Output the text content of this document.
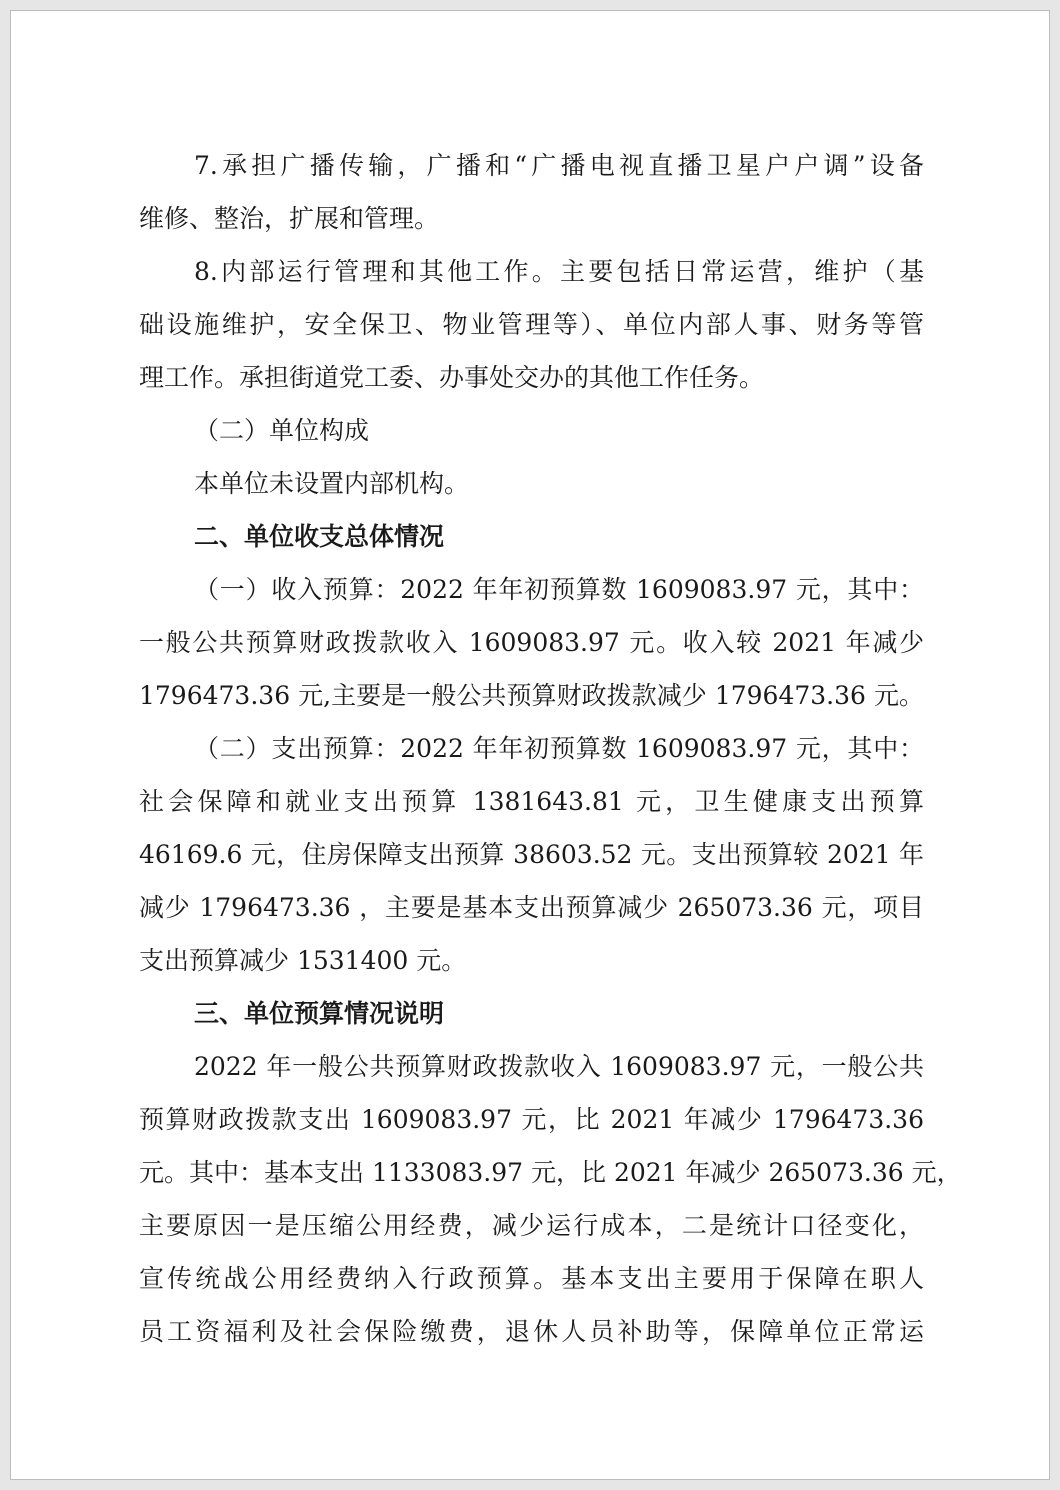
7.承担广播传输，广播和“广播电视直播卫星户户调”设备

维修、整治，扩展和管理。

8.内部运行管理和其他工作。主要包括日常运营，维护（基

础设施维护，安全保卫、物业管理等）、单位内部人事、财务等管

理工作。承担街道党工委、办事处交办的其他工作任务。

（二）单位构成

本单位未设置内部机构。

二、单位收支总体情况

（一）收入预算：2022 年年初预算数 1609083.97 元，其中：

一般公共预算财政拨款收入 1609083.97 元。收入较 2021 年减少

1796473.36 元,主要是一般公共预算财政拨款减少 1796473.36 元。

（二）支出预算：2022 年年初预算数 1609083.97 元，其中：

社会保障和就业支出预算 1381643.81 元，卫生健康支出预算

46169.6 元，住房保障支出预算 38603.52 元。支出预算较 2021 年

减少 1796473.36 ，主要是基本支出预算减少 265073.36 元，项目

支出预算减少 1531400 元。

三、单位预算情况说明

2022 年一般公共预算财政拨款收入 1609083.97 元，一般公共

预算财政拨款支出 1609083.97 元，比 2021 年减少 1796473.36

元。其中：基本支出 1133083.97 元，比 2021 年减少 265073.36 元，

主要原因一是压缩公用经费，减少运行成本，二是统计口径变化，

宣传统战公用经费纳入行政预算。基本支出主要用于保障在职人

员工资福利及社会保险缴费，退休人员补助等，保障单位正常运
